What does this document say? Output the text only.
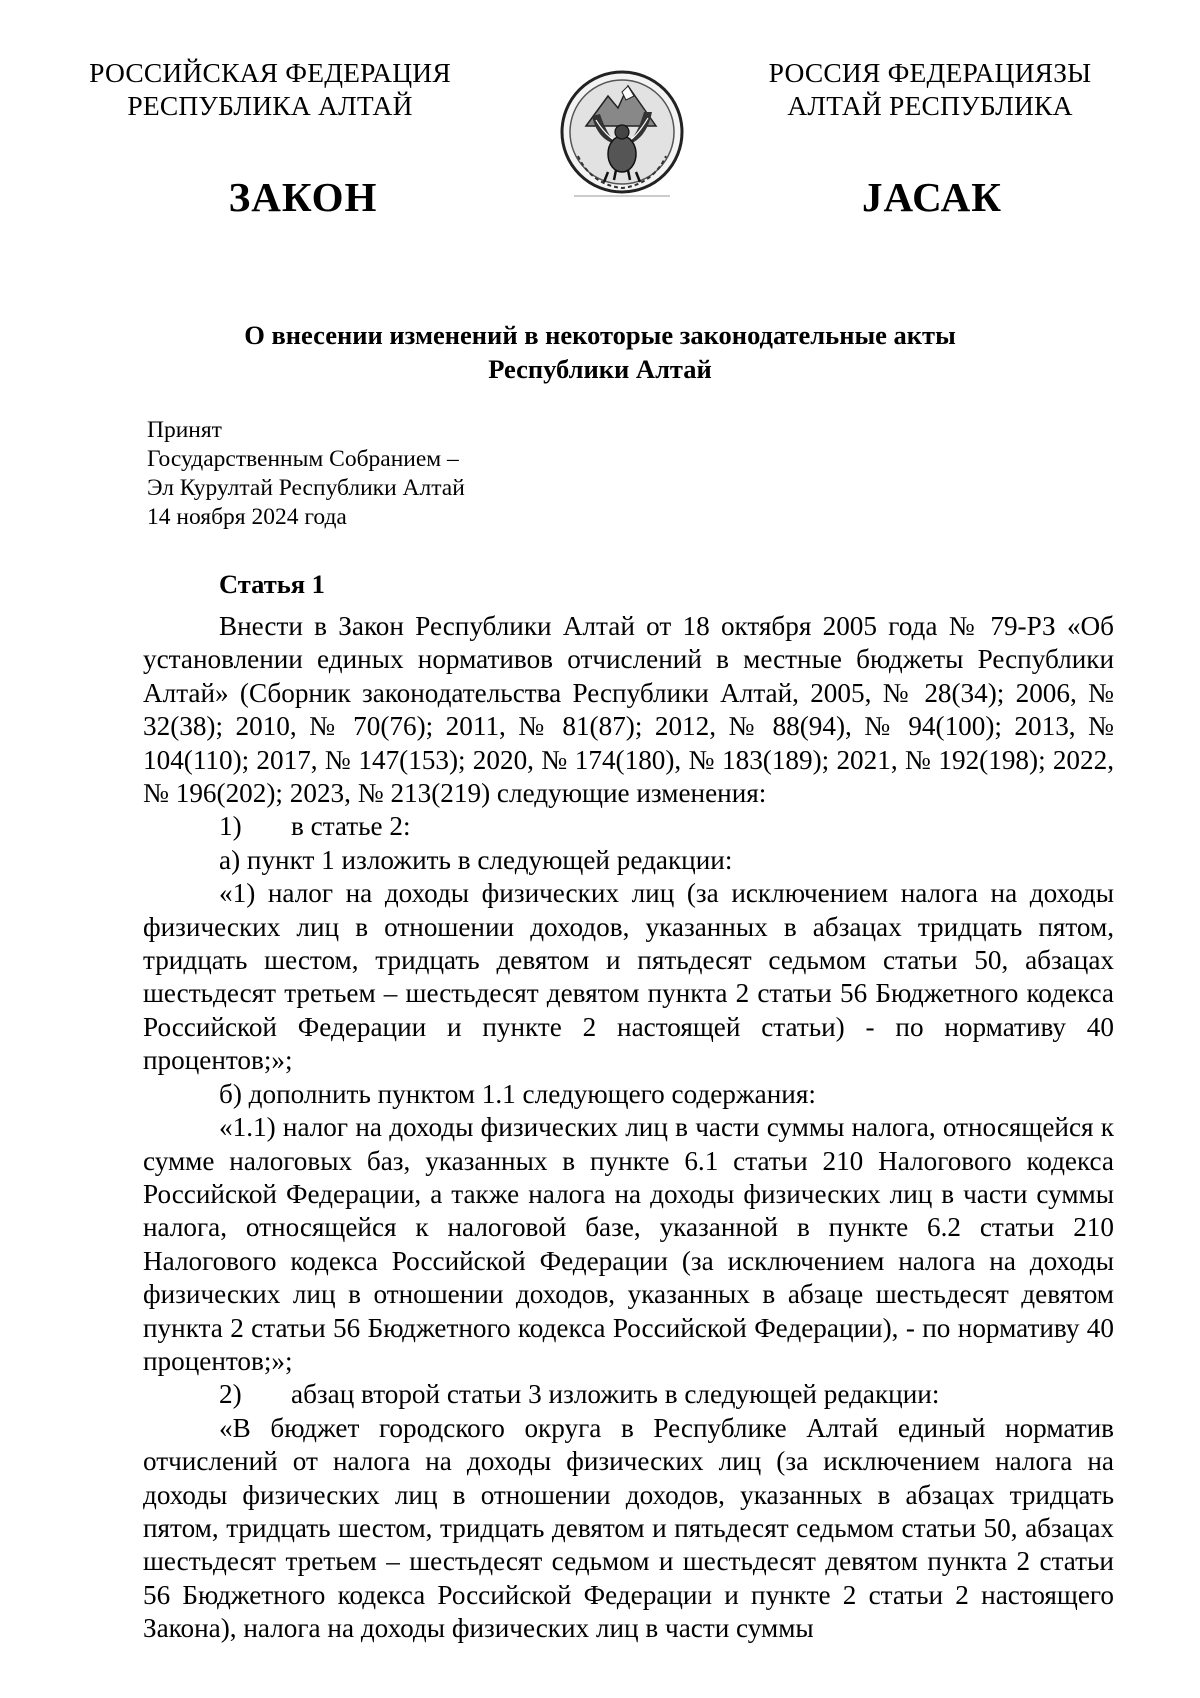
РОССИЙСКАЯ ФЕДЕРАЦИЯ
РЕСПУБЛИКА АЛТАЙ
РОССИЯ ФЕДЕРАЦИЯЗЫ
АЛТАЙ РЕСПУБЛИКА
ЗАКОН	JАСАК
О внесении изменений в некоторые законодательные акты
Республики Алтай
Принят
Государственным Собранием –
Эл Курултай Республики Алтай
14 ноября 2024 года
Статья 1

Внести в Закон Республики Алтай от 18 октября 2005 года № 79-РЗ «Об установлении единых нормативов отчислений в местные бюджеты Республики Алтай» (Сборник законодательства Республики Алтай, 2005, № 28(34); 2006, № 32(38); 2010, № 70(76); 2011, № 81(87); 2012, № 88(94), № 94(100); 2013, № 104(110); 2017, № 147(153); 2020, № 174(180), № 183(189); 2021, № 192(198); 2022, № 196(202); 2023, № 213(219) следующие изменения:

1) в статье 2:

а) пункт 1 изложить в следующей редакции:

«1) налог на доходы физических лиц (за исключением налога на доходы физических лиц в отношении доходов, указанных в абзацах тридцать пятом, тридцать шестом, тридцать девятом и пятьдесят седьмом статьи 50, абзацах шестьдесят третьем – шестьдесят девятом пункта 2 статьи 56 Бюджетного кодекса Российской Федерации и пункте 2 настоящей статьи) - по нормативу 40 процентов;»;

б) дополнить пунктом 1.1 следующего содержания:

«1.1) налог на доходы физических лиц в части суммы налога, относящейся к сумме налоговых баз, указанных в пункте 6.1 статьи 210 Налогового кодекса Российской Федерации, а также налога на доходы физических лиц в части суммы налога, относящейся к налоговой базе, указанной в пункте 6.2 статьи 210 Налогового кодекса Российской Федерации (за исключением налога на доходы физических лиц в отношении доходов, указанных в абзаце шестьдесят девятом пункта 2 статьи 56 Бюджетного кодекса Российской Федерации), - по нормативу 40 процентов;»;

2) абзац второй статьи 3 изложить в следующей редакции:

«В бюджет городского округа в Республике Алтай единый норматив отчислений от налога на доходы физических лиц (за исключением налога на доходы физических лиц в отношении доходов, указанных в абзацах тридцать пятом, тридцать шестом, тридцать девятом и пятьдесят седьмом статьи 50, абзацах шестьдесят третьем – шестьдесят седьмом и шестьдесят девятом пункта 2 статьи 56 Бюджетного кодекса Российской Федерации и пункте 2 статьи 2 настоящего Закона), налога на доходы физических лиц в части суммы
